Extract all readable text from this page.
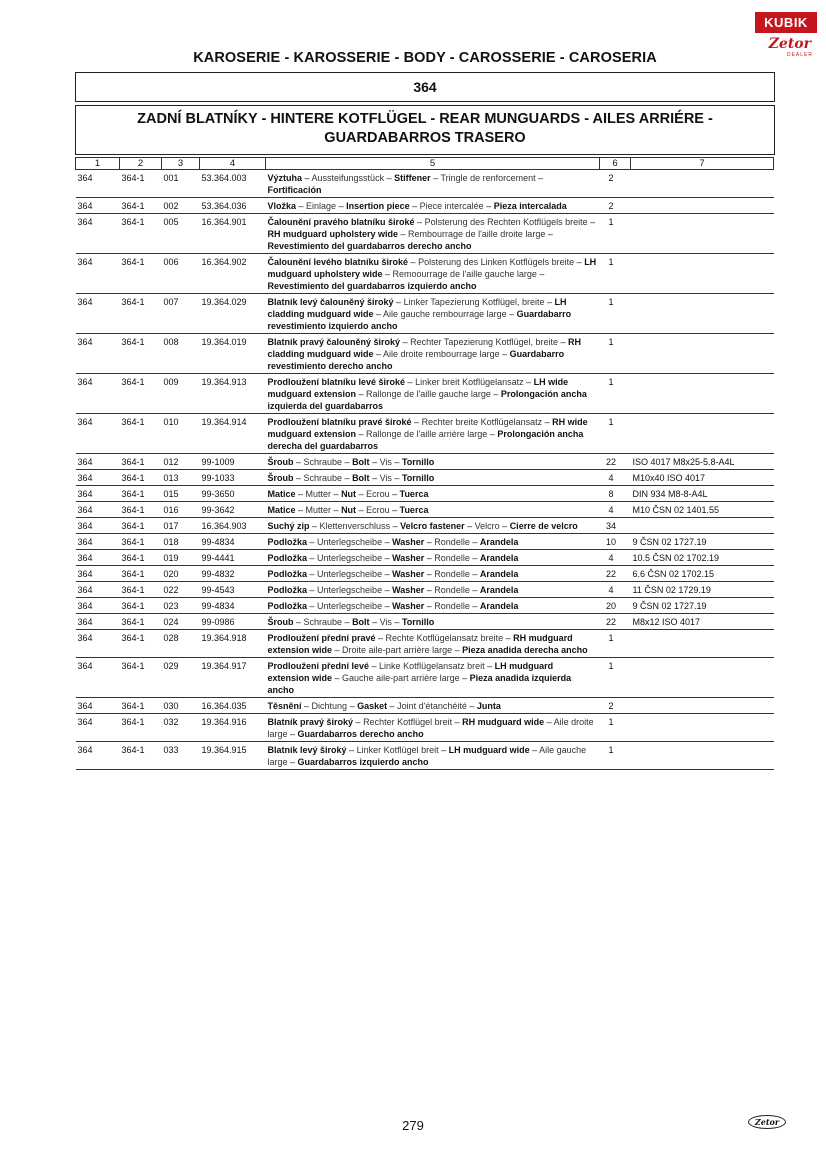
KUBIK
Zetor
DEALER
KAROSERIE - KAROSSERIE - BODY - CAROSSERIE - CAROSERIA
364
ZADNÍ BLATNÍKY - HINTERE KOTFLÜGEL - REAR MUNGUARDS - AILES ARRIÉRE - GUARDABARROS TRASERO
1	2	3	4	5	6	7
364	364-1	001	53.364.003	Výztuha – Aussteifungsstück – Stiffener – Tringle de renforcement – Fortificación	2	
364	364-1	002	53.364.036	Vložka – Einlage – Insertion piece – Piece intercalée – Pieza intercalada	2	
364	364-1	005	16.364.901	Čalounění pravého blatníku široké – Polsterung des Rechten Kotflügels breite – RH mudguard upholstery wide – Rembourrage de l'aille droite large – Revestimiento del guardabarros derecho ancho	1	
364	364-1	006	16.364.902	Čalounění levého blatníku široké – Polsterung des Linken Kotflügels breite – LH mudguard upholstery wide – Remoourrage de l'aille gauche large – Revestimiento del guardabarros izquierdo ancho	1	
364	364-1	007	19.364.029	Blatník levý čalouněný široký – Linker Tapezierung Kotflügel, breite – LH cladding mudguard wide – Aile gauche rembourrage large – Guardabarro revestimiento izquierdo ancho	1	
364	364-1	008	19.364.019	Blatník pravý čalouněný široký – Rechter Tapezierung Kotflügel, breite – RH cladding mudguard wide – Aile droite rembourrage large – Guardabarro revestimiento derecho ancho	1	
364	364-1	009	19.364.913	Prodloužení blatníku levé široké – Linker breit Kotflügelansatz – LH wide mudguard extension – Rallonge de l'aille gauche large – Prolongación ancha izquierda del guardabarros	1	
364	364-1	010	19.364.914	Prodloužení blatníku pravé široké – Rechter breite Kotflügelansatz – RH wide mudguard extension – Rallonge de l'aille arrière large – Prolongación ancha derecha del guardabarros	1	
364	364-1	012	99-1009	Šroub – Schraube – Bolt – Vis – Tornillo	22	ISO 4017 M8x25-5.8-A4L
364	364-1	013	99-1033	Šroub – Schraube – Bolt – Vis – Tornillo	4	M10x40 ISO 4017
364	364-1	015	99-3650	Matice – Mutter – Nut – Ecrou – Tuerca	8	DIN 934 M8-8-A4L
364	364-1	016	99-3642	Matice – Mutter – Nut – Ecrou – Tuerca	4	M10 ČSN 02 1401.55
364	364-1	017	16.364.903	Suchý zip – Klettenverschluss – Velcro fastener – Velcro – Cierre de velcro	34	
364	364-1	018	99-4834	Podložka – Unterlegscheibe – Washer – Rondelle – Arandela	10	9 ČSN 02 1727.19
364	364-1	019	99-4441	Podložka – Unterlegscheibe – Washer – Rondelle – Arandela	4	10.5 ČSN 02 1702.19
364	364-1	020	99-4832	Podložka – Unterlegscheibe – Washer – Rondelle – Arandela	22	6.6 ČSN 02 1702.15
364	364-1	022	99-4543	Podložka – Unterlegscheibe – Washer – Rondelle – Arandela	4	11 ČSN 02 1729.19
364	364-1	023	99-4834	Podložka – Unterlegscheibe – Washer – Rondelle – Arandela	20	9 ČSN 02 1727.19
364	364-1	024	99-0986	Šroub – Schraube – Bolt – Vis – Tornillo	22	M8x12 ISO 4017
364	364-1	028	19.364.918	Prodloužení přední pravé – Rechte Kotflügelansatz breite – RH mudguard extension wide – Droite aile-part arrière large – Pieza anadida derecha ancho	1	
364	364-1	029	19.364.917	Prodloužení přední levé – Linke Kotflügelansatz breit – LH mudguard extension wide – Gauche aile-part arrière large – Pieza anadida izquierda ancho	1	
364	364-1	030	16.364.035	Těsnění – Dichtung – Gasket – Joint d'étanchéité – Junta	2	
364	364-1	032	19.364.916	Blatník pravý široký – Rechter Kotflügel breit – RH mudguard wide – Aile droite large – Guardabarros derecho ancho	1	
364	364-1	033	19.364.915	Blatník levý široký – Linker Kotflügel breit – LH mudguard wide – Aile gauche large – Guardabarros izquierdo ancho	1	
279	Zetor
